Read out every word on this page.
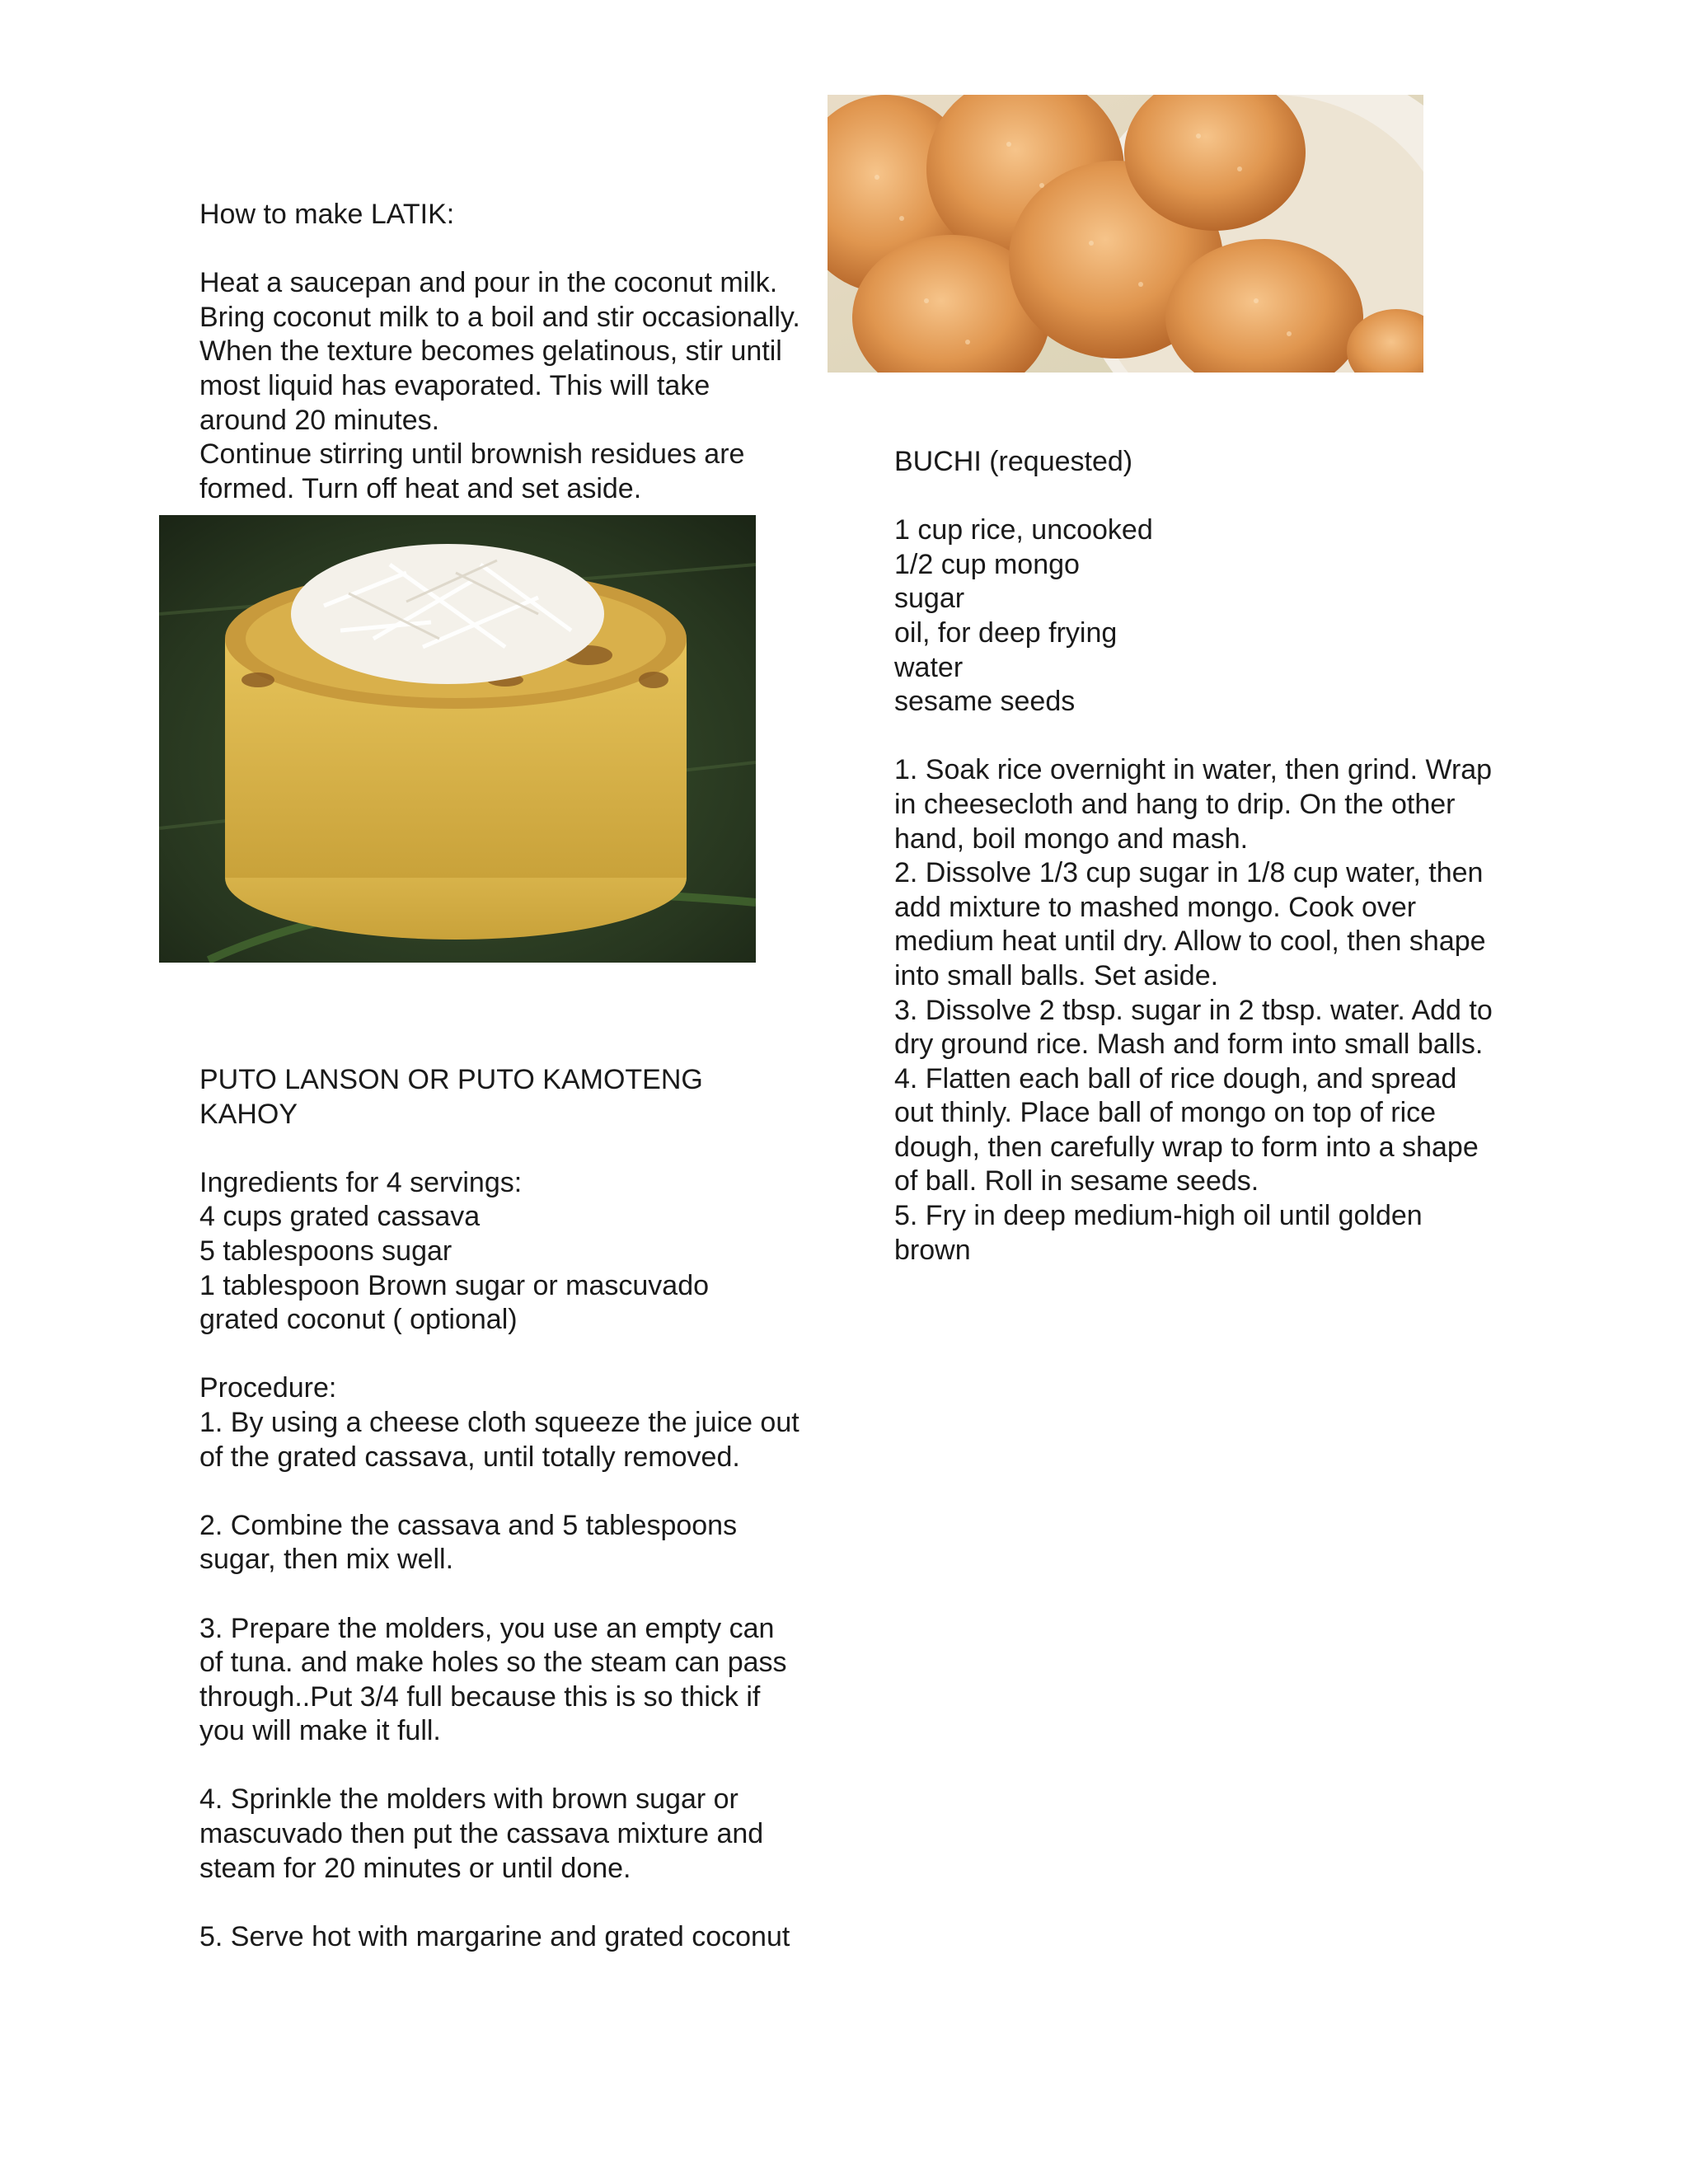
How to make LATIK:
Heat a saucepan and pour in the coconut milk.
Bring coconut milk to a boil and stir occasionally.
When the texture becomes gelatinous, stir until
most liquid has evaporated. This will take
around 20 minutes.
Continue stirring until brownish residues are
formed. Turn off heat and set aside.
PUTO LANSON OR PUTO KAMOTENG
KAHOY
Ingredients for 4 servings:
4 cups grated cassava
5 tablespoons sugar
1 tablespoon Brown sugar or mascuvado
grated coconut ( optional)
Procedure:
1. By using a cheese cloth squeeze the juice out
of the grated cassava, until totally removed.
2. Combine the cassava and 5 tablespoons
sugar, then mix well.
3. Prepare the molders, you use an empty can
of tuna. and make holes so the steam can pass
through..Put 3/4 full because this is so thick if
you will make it full.
4. Sprinkle the molders with brown sugar or
mascuvado then put the cassava mixture and
steam for 20 minutes or until done.
5. Serve hot with margarine and grated coconut
BUCHI (requested)
1 cup rice, uncooked
1/2 cup mongo
sugar
oil, for deep frying
water
sesame seeds
1. Soak rice overnight in water, then grind. Wrap
in cheesecloth and hang to drip. On the other
hand, boil mongo and mash.
2. Dissolve 1/3 cup sugar in 1/8 cup water, then
add mixture to mashed mongo. Cook over
medium heat until dry. Allow to cool, then shape
into small balls. Set aside.
3. Dissolve 2 tbsp. sugar in 2 tbsp. water. Add to
dry ground rice. Mash and form into small balls.
4. Flatten each ball of rice dough, and spread
out thinly. Place ball of mongo on top of rice
dough, then carefully wrap to form into a shape
of ball. Roll in sesame seeds.
5. Fry in deep medium-high oil until golden
brown
